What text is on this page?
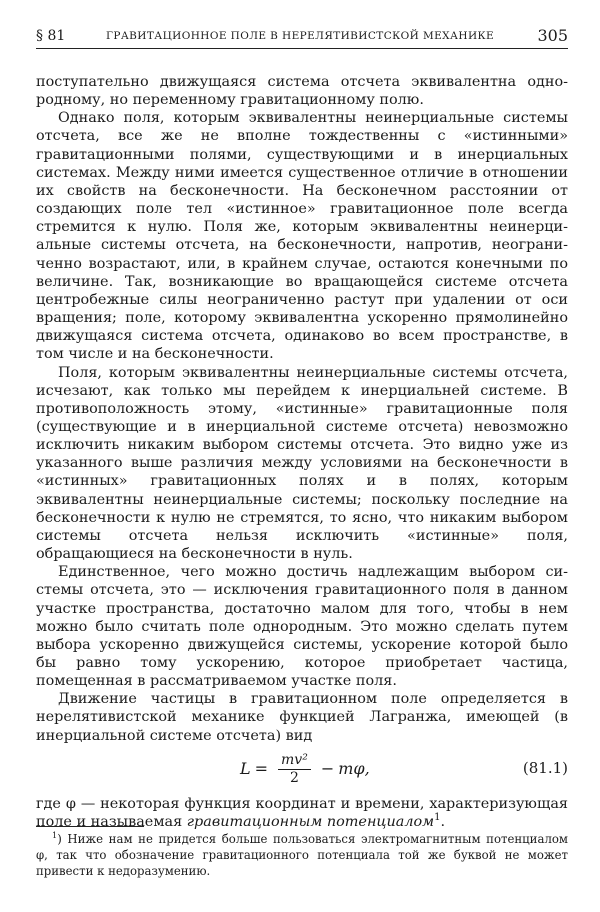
§ 81	ГРАВИТАЦИОННОЕ ПОЛЕ В НЕРЕЛЯТИВИСТСКОЙ МЕХАНИКЕ	305

поступательно движущаяся система отсчета эквивалентна однородному, но переменному гравитационному полю.

Однако поля, которым эквивалентны неинерциальные системы отсчета, все же не вполне тождественны с «истинными» гравитационными полями, существующими и в инерциальных системах. Между ними имеется существенное отличие в отношении их свойств на бесконечности. На бесконечном расстоянии от создающих поле тел «истинное» гравитационное поле всегда стремится к нулю. Поля же, которым эквивалентны неинерциальные системы отсчета, на бесконечности, напротив, неограниченно возрастают, или, в крайнем случае, остаются конечными по величине. Так, возникающие во вращающейся системе отсчета центробежные силы неограниченно растут при удалении от оси вращения; поле, которому эквивалентна ускоренно прямолинейно движущаяся система отсчета, одинаково во всем пространстве, в том числе и на бесконечности.

Поля, которым эквивалентны неинерциальные системы отсчета, исчезают, как только мы перейдем к инерциальней системе. В противоположность этому, «истинные» гравитационные поля (существующие и в инерциальной системе отсчета) невозможно исключить никаким выбором системы отсчета. Это видно уже из указанного выше различия между условиями на бесконечности в «истинных» гравитационных полях и в полях, которым эквивалентны неинерциальные системы; поскольку последние на бесконечности к нулю не стремятся, то ясно, что никаким выбором системы отсчета нельзя исключить «истинные» поля, обращающиеся на бесконечности в нуль.

Единственное, чего можно достичь надлежащим выбором системы отсчета, это — исключения гравитационного поля в данном участке пространства, достаточно малом для того, чтобы в нем можно было считать поле однородным. Это можно сделать путем выбора ускоренно движущейся системы, ускорение которой было бы равно тому ускорению, которое приобретает частица, помещенная в рассматриваемом участке поля.

Движение частицы в гравитационном поле определяется в нерелятивистской механике функцией Лагранжа, имеющей (в инерциальной системе отсчета) вид

$L = \frac{\text{mv²}}{2} - m\varphi$,	(81.1)

где φ — некоторая функция координат и времени, характеризующая поле и называемая гравитационным потенциалом$^1$.

$^1$) Ниже нам не придется больше пользоваться электромагнитным потенциалом φ, так что обозначение гравитационного потенциала той же буквой не может привести к недоразумению.
